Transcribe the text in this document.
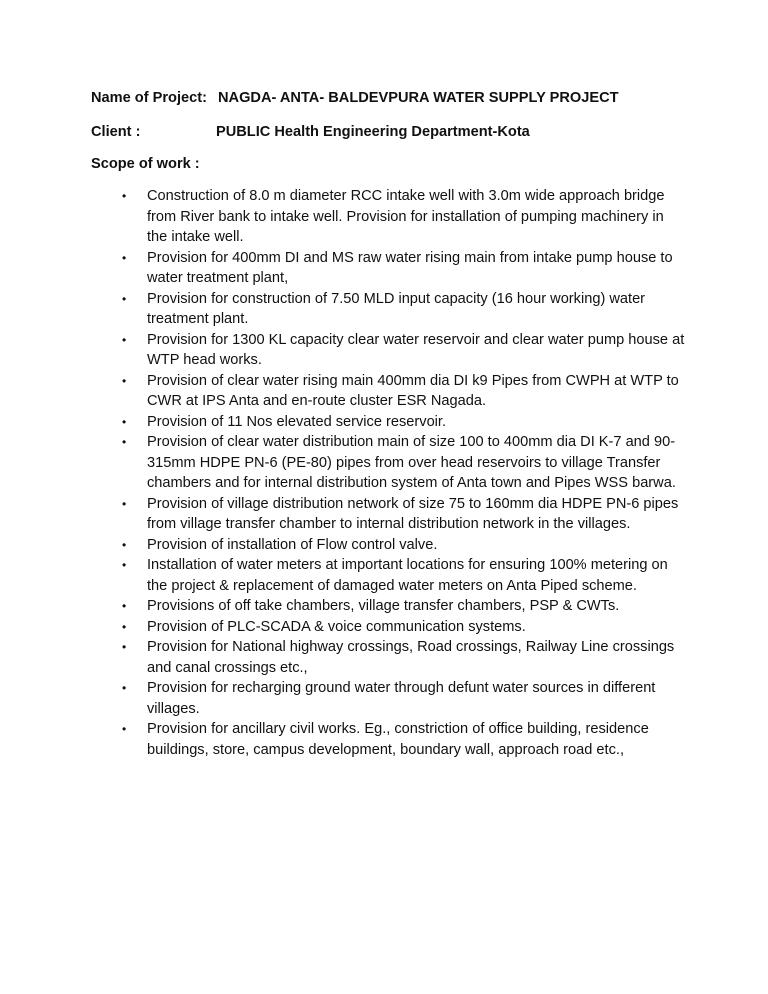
Name of Project: NAGDA- ANTA- BALDEVPURA WATER SUPPLY PROJECT
Client :	PUBLIC Health Engineering Department-Kota
Scope of work :
• Construction of 8.0 m diameter RCC intake well with 3.0m wide approach bridge from River bank to intake well. Provision for installation of pumping machinery in the intake well.
• Provision for 400mm DI and MS raw water rising main from intake pump house to water treatment plant,
• Provision for construction of 7.50 MLD input capacity (16 hour working) water treatment plant.
• Provision for 1300 KL capacity clear water reservoir and clear water pump house at WTP head works.
• Provision of clear water rising main 400mm dia DI k9 Pipes from CWPH at WTP to CWR at IPS Anta and en-route cluster ESR Nagada.
• Provision of 11 Nos elevated service reservoir.
• Provision of clear water distribution main of size 100 to 400mm dia DI K-7 and 90-315mm HDPE PN-6 (PE-80) pipes from over head reservoirs to village Transfer chambers and for internal distribution system of Anta town and Pipes WSS barwa.
• Provision of village distribution network of size 75 to 160mm dia HDPE PN-6 pipes from village transfer chamber to internal distribution network in the villages.
• Provision of installation of Flow control valve.
• Installation of water meters at important locations for ensuring 100% metering on the project & replacement of damaged water meters on Anta Piped scheme.
• Provisions of off take chambers, village transfer chambers, PSP & CWTs.
• Provision of PLC-SCADA & voice communication systems.
• Provision for National highway crossings, Road crossings, Railway Line crossings and canal crossings etc.,
• Provision for recharging ground water through defunt water sources in different villages.
• Provision for ancillary civil works. Eg., constriction of office building, residence buildings, store, campus development, boundary wall, approach road etc.,
